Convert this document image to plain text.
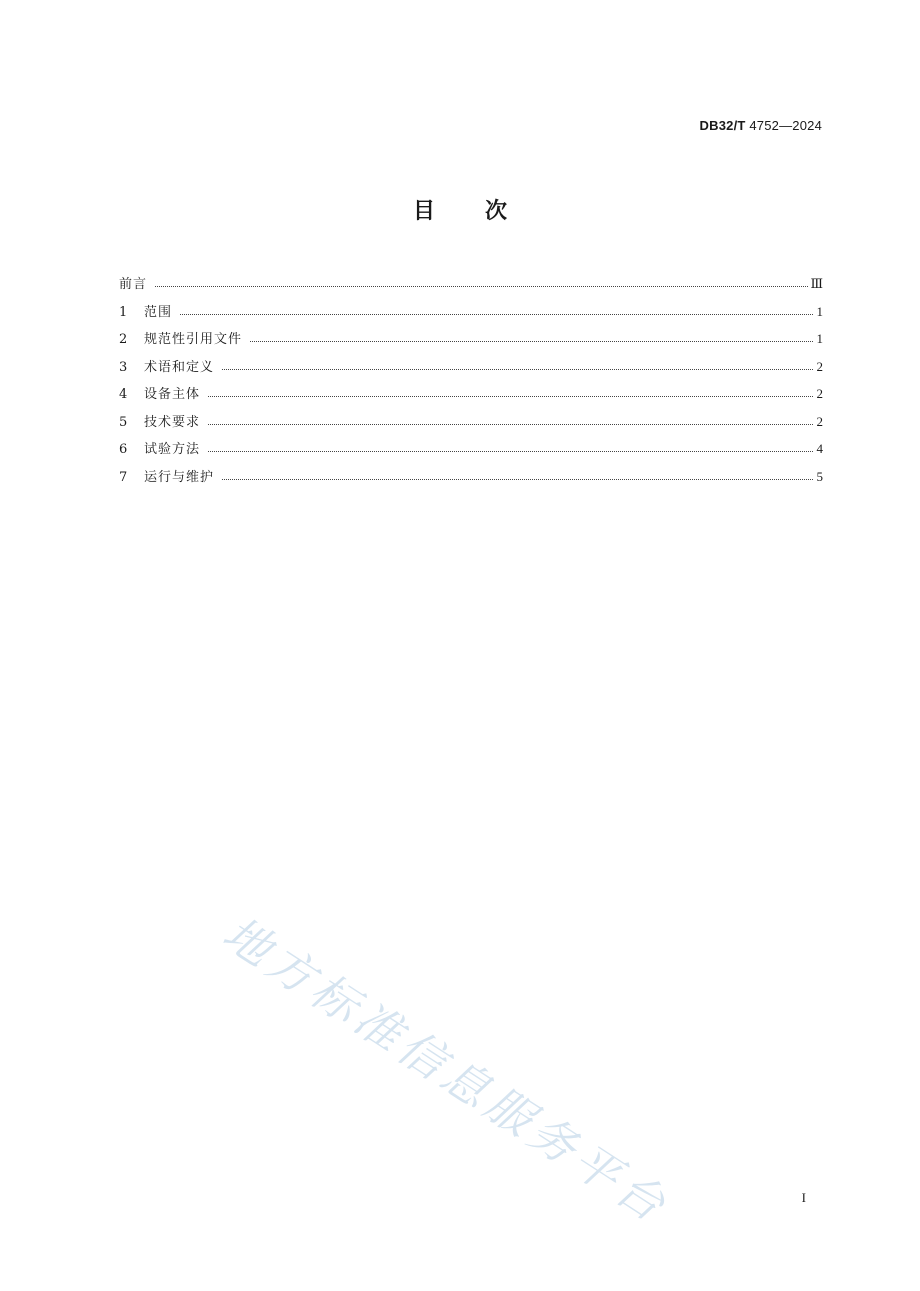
DB32/T 4752—2024
目 次
前言	Ⅲ
1	范围	1
2	规范性引用文件	1
3	术语和定义	2
4	设备主体	2
5	技术要求	2
6	试验方法	4
7	运行与维护	5
地方标准信息服务平台	I
